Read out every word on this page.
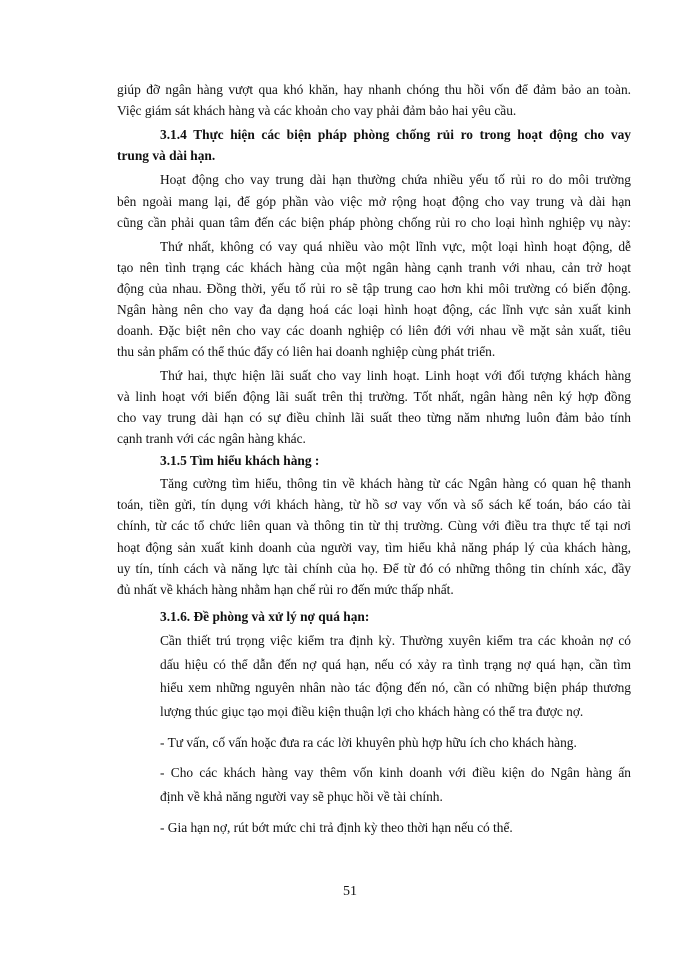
giúp đỡ ngân hàng vượt qua khó khăn, hay nhanh chóng thu hồi vốn để đảm bảo an toàn.
Việc giám sát khách hàng và các khoản cho vay phải đảm bảo hai yêu cầu.
3.1.4 Thực hiện các biện pháp phòng chống rủi ro trong hoạt động cho vay
trung và dài hạn.
Hoạt động cho vay trung dài hạn thường chứa nhiều yếu tố rủi ro do môi trường
bên ngoài mang lại, để góp phần vào việc mở rộng hoạt động cho vay trung và dài hạn
cũng cần phải quan tâm đến các biện pháp phòng chống rủi ro cho loại hình nghiệp vụ này:
Thứ nhất, không có vay quá nhiều vào một lĩnh vực, một loại hình hoạt động, dễ
tạo nên tình trạng các khách hàng của một ngân hàng cạnh tranh với nhau, cản trở hoạt
động của nhau. Đồng thời, yếu tố rủi ro sẽ tập trung cao hơn khi môi trường có biến động.
Ngân hàng nên cho vay đa dạng hoá các loại hình hoạt động, các lĩnh vực sản xuất kinh
doanh. Đặc biệt nên cho vay các doanh nghiệp có liên đới với nhau về mặt sản xuất, tiêu
thu sản phẩm có thể thúc đẩy có liên hai doanh nghiệp cùng phát triển.
Thứ hai, thực hiện lãi suất cho vay linh hoạt. Linh hoạt với đối tượng khách hàng
và linh hoạt với biến động lãi suất trên thị trường. Tốt nhất, ngân hàng nên ký hợp đồng
cho vay trung dài hạn có sự điều chỉnh lãi suất theo từng năm nhưng luôn đảm bảo tính
cạnh tranh với các ngân hàng khác.
3.1.5 Tìm hiểu khách hàng :
Tăng cường tìm hiểu, thông tin về khách hàng từ các Ngân hàng có quan hệ thanh
toán, tiền gửi, tín dụng với khách hàng, từ hồ sơ vay vốn và sổ sách kế toán, báo cáo tài
chính, từ các tổ chức liên quan và thông tin từ thị trường. Cùng với điều tra thực tế tại nơi
hoạt động sản xuất kinh doanh của người vay, tìm hiểu khả năng pháp lý của khách hàng,
uy tín, tính cách và năng lực tài chính của họ. Để từ đó có những thông tin chính xác, đầy
đủ nhất về khách hàng nhằm hạn chế rủi ro đến mức thấp nhất.
3.1.6. Đề phòng và xử lý nợ quá hạn:
Cần thiết trú trọng việc kiểm tra định kỳ. Thường xuyên kiểm tra các khoản nợ có
dấu hiệu có thể dẫn đến nợ quá hạn, nếu có xảy ra tình trạng nợ quá hạn, cần tìm
hiểu xem những nguyên nhân nào tác động đến nó, cần có những biện pháp thương
lượng thúc giục tạo mọi điều kiện thuận lợi cho khách hàng có thể tra được nợ.
- Tư vấn, cố vấn hoặc đưa ra các lời khuyên phù hợp hữu ích cho khách hàng.
- Cho các khách hàng vay thêm vốn kinh doanh với điều kiện do Ngân hàng ấn
định về khả năng người vay sẽ phục hồi về tài chính.
- Gia hạn nợ, rút bớt mức chi trả định kỳ theo thời hạn nếu có thể.
51
